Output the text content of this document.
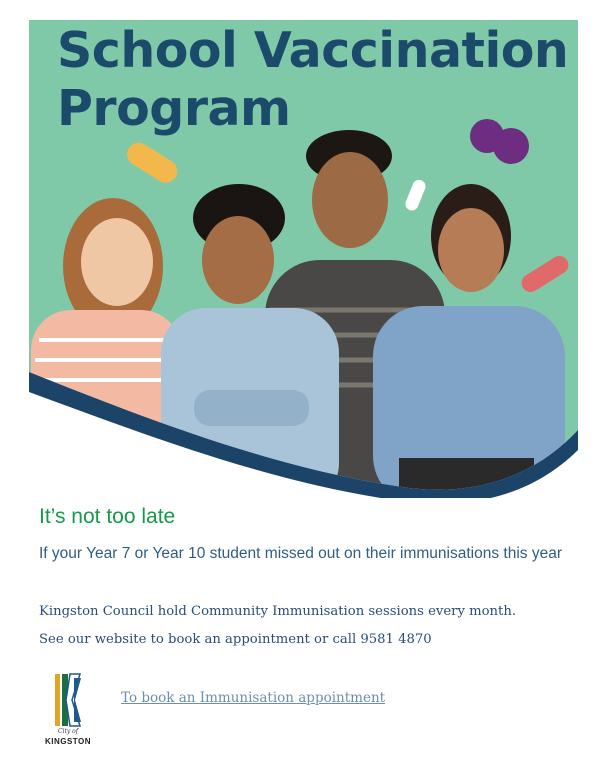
School Vaccination
Program
It’s not too late

If your Year 7 or Year 10 student missed out on their immunisations this year

Kingston Council hold Community Immunisation sessions every month.

See our website to book an appointment or call 9581 4870

City of
KINGSTON
To book an Immunisation appointment
